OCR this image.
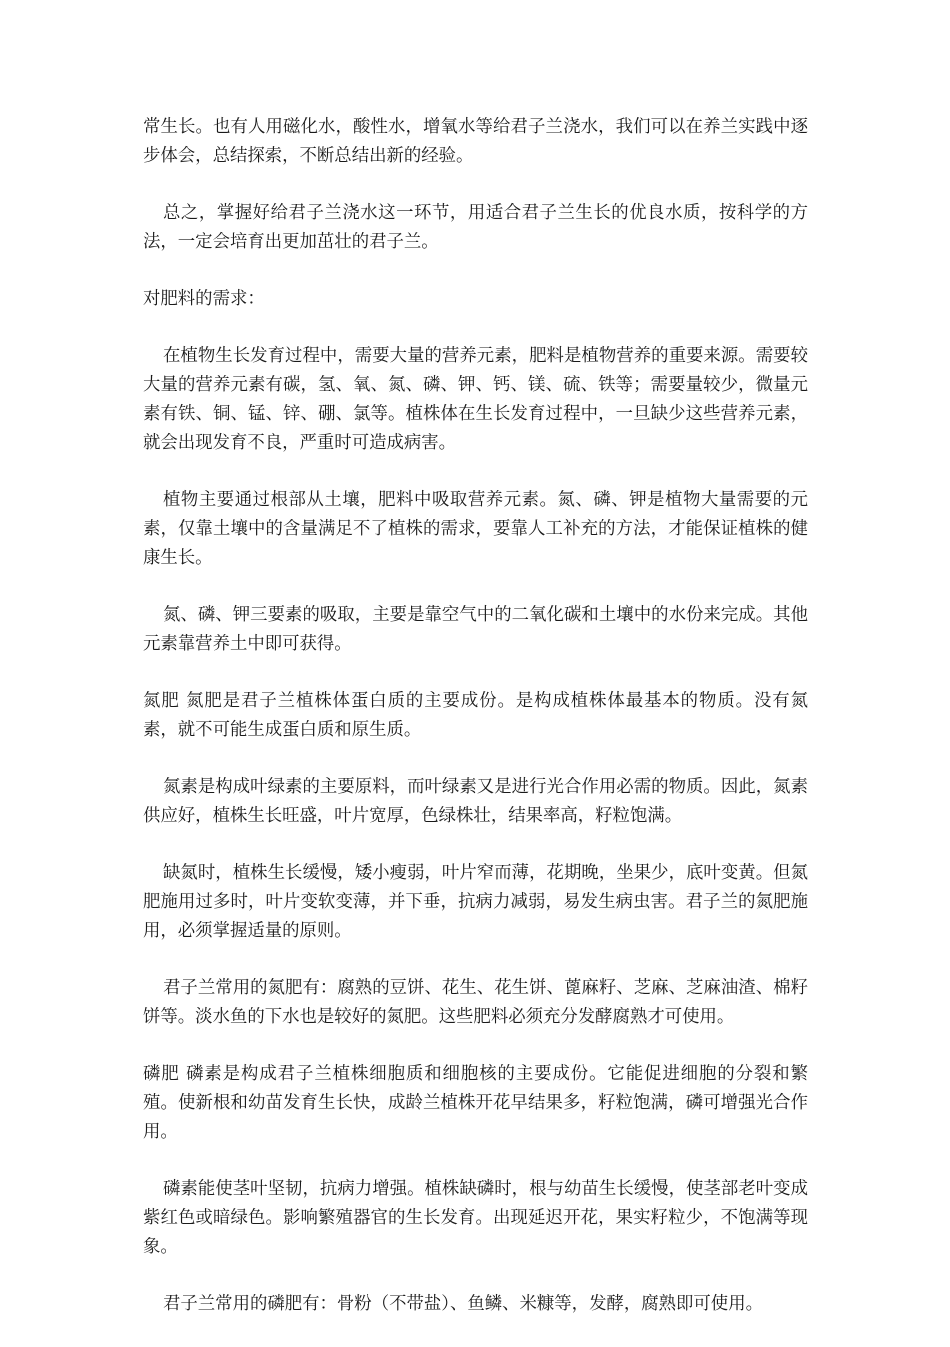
常生长。也有人用磁化水，酸性水，增氧水等给君子兰浇水，我们可以在养兰实践中逐步体会，总结探索，不断总结出新的经验。

总之，掌握好给君子兰浇水这一环节，用适合君子兰生长的优良水质，按科学的方法，一定会培育出更加茁壮的君子兰。

对肥料的需求：

在植物生长发育过程中，需要大量的营养元素，肥料是植物营养的重要来源。需要较大量的营养元素有碳，氢、氧、氮、磷、钾、钙、镁、硫、铁等；需要量较少，微量元素有铁、铜、锰、锌、硼、氯等。植株体在生长发育过程中，一旦缺少这些营养元素，就会出现发育不良，严重时可造成病害。

植物主要通过根部从土壤，肥料中吸取营养元素。氮、磷、钾是植物大量需要的元素，仅靠土壤中的含量满足不了植株的需求，要靠人工补充的方法，才能保证植株的健康生长。

氮、磷、钾三要素的吸取，主要是靠空气中的二氧化碳和土壤中的水份来完成。其他元素靠营养土中即可获得。

氮肥 氮肥是君子兰植株体蛋白质的主要成份。是构成植株体最基本的物质。没有氮素，就不可能生成蛋白质和原生质。

氮素是构成叶绿素的主要原料，而叶绿素又是进行光合作用必需的物质。因此，氮素供应好，植株生长旺盛，叶片宽厚，色绿株壮，结果率高，籽粒饱满。

缺氮时，植株生长缓慢，矮小瘦弱，叶片窄而薄，花期晚，坐果少，底叶变黄。但氮肥施用过多时，叶片变软变薄，并下垂，抗病力减弱，易发生病虫害。君子兰的氮肥施用，必须掌握适量的原则。

君子兰常用的氮肥有：腐熟的豆饼、花生、花生饼、蓖麻籽、芝麻、芝麻油渣、棉籽饼等。淡水鱼的下水也是较好的氮肥。这些肥料必须充分发酵腐熟才可使用。

磷肥 磷素是构成君子兰植株细胞质和细胞核的主要成份。它能促进细胞的分裂和繁殖。使新根和幼苗发育生长快，成龄兰植株开花早结果多，籽粒饱满，磷可增强光合作用。

磷素能使茎叶坚韧，抗病力增强。植株缺磷时，根与幼苗生长缓慢，使茎部老叶变成紫红色或暗绿色。影响繁殖器官的生长发育。出现延迟开花，果实籽粒少，不饱满等现象。

君子兰常用的磷肥有：骨粉（不带盐）、鱼鳞、米糠等，发酵，腐熟即可使用。
